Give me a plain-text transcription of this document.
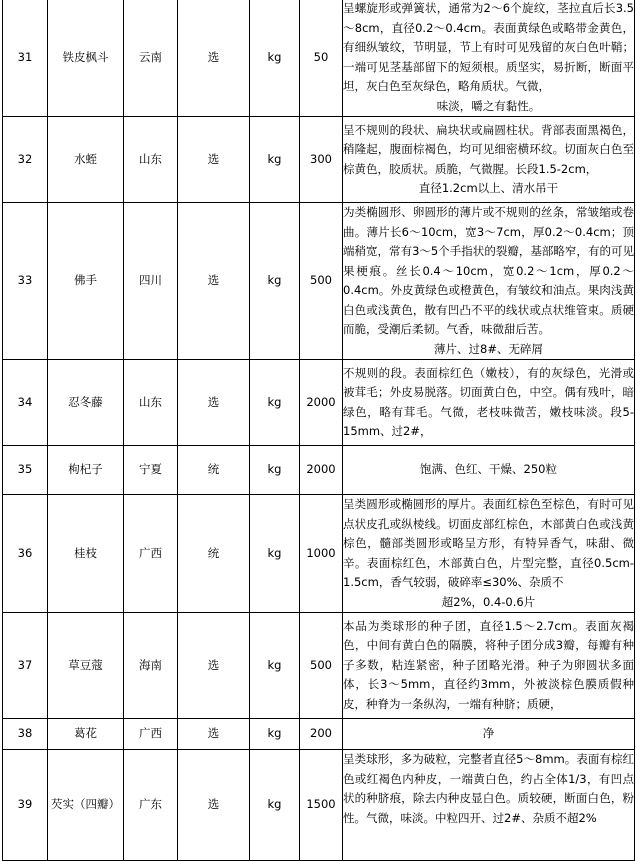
31	铁皮枫斗	云南	选	kg	50	呈螺旋形或弹簧状，通常为2～6个旋纹，茎拉直后长3.5～8cm，直径0.2～0.4cm。表面黄绿色或略带金黄色，有细纵皱纹，节明显，节上有时可见残留的灰白色叶鞘；一端可见茎基部留下的短须根。质坚实，易折断，断面平坦，灰白色至灰绿色，略角质状。气微，
味淡，嚼之有黏性。

32	水蛭	山东	选	kg	300	呈不规则的段状、扁块状或扁圆柱状。背部表面黑褐色，稍隆起，腹面棕褐色，均可见细密横环纹。切面灰白色至棕黄色，胶质状。质脆，气微腥。长段1.5-2cm，
直径1.2cm以上、清水吊干

33	佛手	四川	选	kg	500	为类椭圆形、卵圆形的薄片或不规则的丝条，常皱缩或卷曲。薄片长6～10cm，宽3～7cm，厚0.2～0.4cm；顶端稍宽，常有3～5个手指状的裂瓣，基部略窄，有的可见果梗痕。丝长0.4～10cm，宽0.2～1cm，厚0.2～0.4cm。外皮黄绿色或橙黄色，有皱纹和油点。果肉浅黄白色或浅黄色，散有凹凸不平的线状或点状维管束。质硬而脆，受潮后柔韧。气香，味微甜后苦。
薄片、过8#、无碎屑

34	忍冬藤	山东	选	kg	2000	不规则的段。表面棕红色（嫩枝），有的灰绿色，光滑或被茸毛；外皮易脱落。切面黄白色，中空。偶有残叶，暗绿色，略有茸毛。气微，老枝味微苦，嫩枝味淡。段5-15mm、过2#，

35	枸杞子	宁夏	统	kg	2000	饱满、色红、干燥、250粒

36	桂枝	广西	统	kg	1000	呈类圆形或椭圆形的厚片。表面红棕色至棕色，有时可见点状皮孔或纵棱线。切面皮部红棕色，木部黄白色或浅黄棕色，髓部类圆形或略呈方形，有特异香气，味甜、微辛。表面棕红色，木部黄白色，片型完整，直径0.5cm-1.5cm，香气较弱，破碎率≤30%、杂质不
超2%，0.4-0.6片

37	草豆蔻	海南	选	kg	500	本品为类球形的种子团，直径1.5～2.7cm。表面灰褐色，中间有黄白色的隔膜，将种子团分成3瓣，每瓣有种子多数，粘连紧密，种子团略光滑。种子为卵圆状多面体，长3～5mm，直径约3mm，外被淡棕色膜质假种皮，种脊为一条纵沟，一端有种脐；质硬，

38	葛花	广西	选	kg	200	净

39	芡实（四瓣）	广东	选	kg	1500	呈类球形，多为破粒，完整者直径5～8mm。表面有棕红色或红褐色内种皮，一端黄白色，约占全体1/3，有凹点状的种脐痕，除去内种皮显白色。质较硬，断面白色，粉性。气微，味淡。中粒四开、过2#、杂质不超2%
